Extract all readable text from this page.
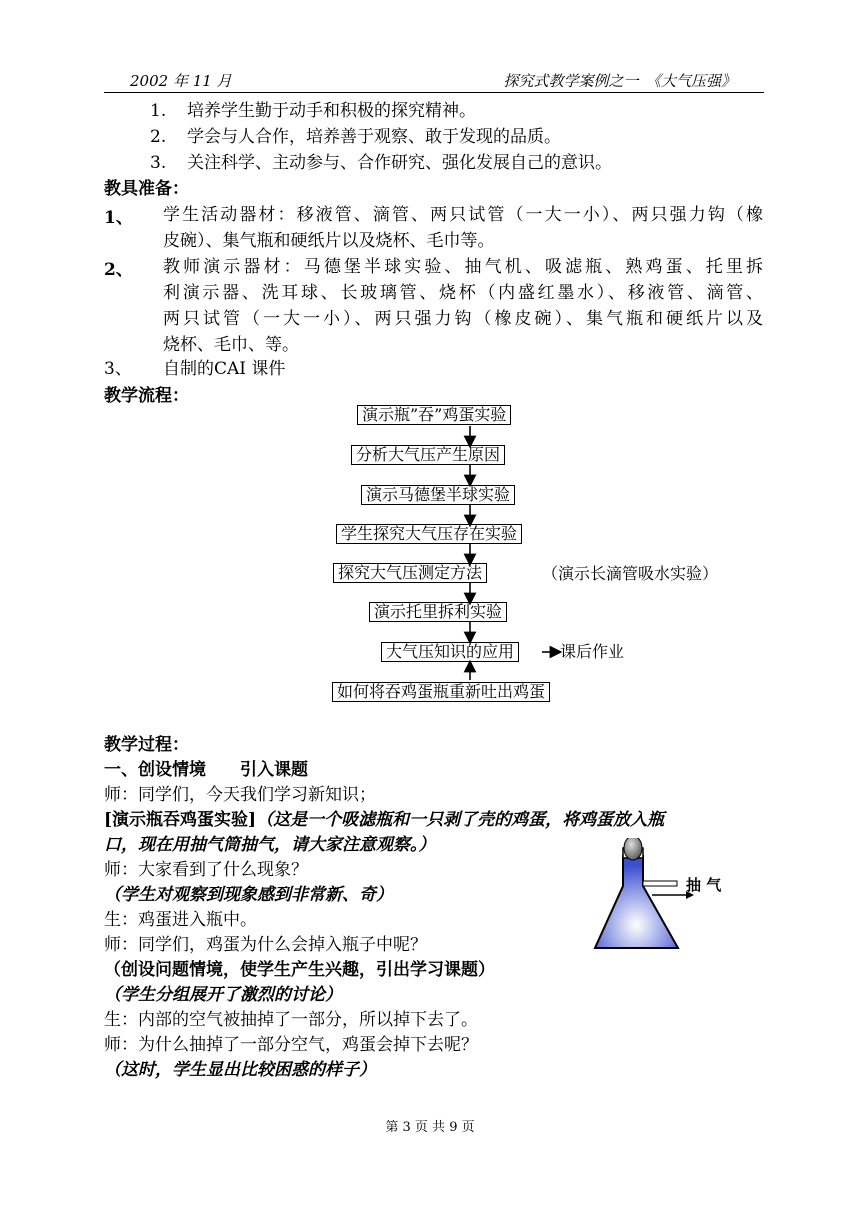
2002 年 11 月	探究式教学案例之一　《大气压强》
1. 培养学生勤于动手和积极的探究精神。
2. 学会与人合作，培养善于观察、敢于发现的品质。
3. 关注科学、主动参与、合作研究、强化发展自己的意识。
教具准备：
1、 学生活动器材：移液管、滴管、两只试管（一大一小）、两只强力钩（橡
皮碗）、集气瓶和硬纸片以及烧杯、毛巾等。
2、 教师演示器材：马德堡半球实验、抽气机、吸滤瓶、熟鸡蛋、托里拆
利演示器、洗耳球、长玻璃管、烧杯（内盛红墨水）、移液管、滴管、
两只试管（一大一小）、两只强力钩（橡皮碗）、集气瓶和硬纸片以及
烧杯、毛巾、等。
3、 自制的CAI 课件
教学流程：
演示瓶”吞”鸡蛋实验
分析大气压产生原因
演示马德堡半球实验
学生探究大气压存在实验
探究大气压测定方法	（演示长滴管吸水实验）
演示托里拆利实验
大气压知识的应用	课后作业
如何将吞鸡蛋瓶重新吐出鸡蛋
教学过程：
一、创设情境　　引入课题
师：同学们，今天我们学习新知识；
[演示瓶吞鸡蛋实验]（这是一个吸滤瓶和一只剥了壳的鸡蛋，将鸡蛋放入瓶
口，现在用抽气筒抽气，请大家注意观察。）
师：大家看到了什么现象？
（学生对观察到现象感到非常新、奇）
生：鸡蛋进入瓶中。
师：同学们，鸡蛋为什么会掉入瓶子中呢？
（创设问题情境，使学生产生兴趣，引出学习课题）
（学生分组展开了激烈的讨论）
生：内部的空气被抽掉了一部分，所以掉下去了。
师：为什么抽掉了一部分空气，鸡蛋会掉下去呢？
（这时，学生显出比较困惑的样子）
抽 气
第 3 页 共 9 页
